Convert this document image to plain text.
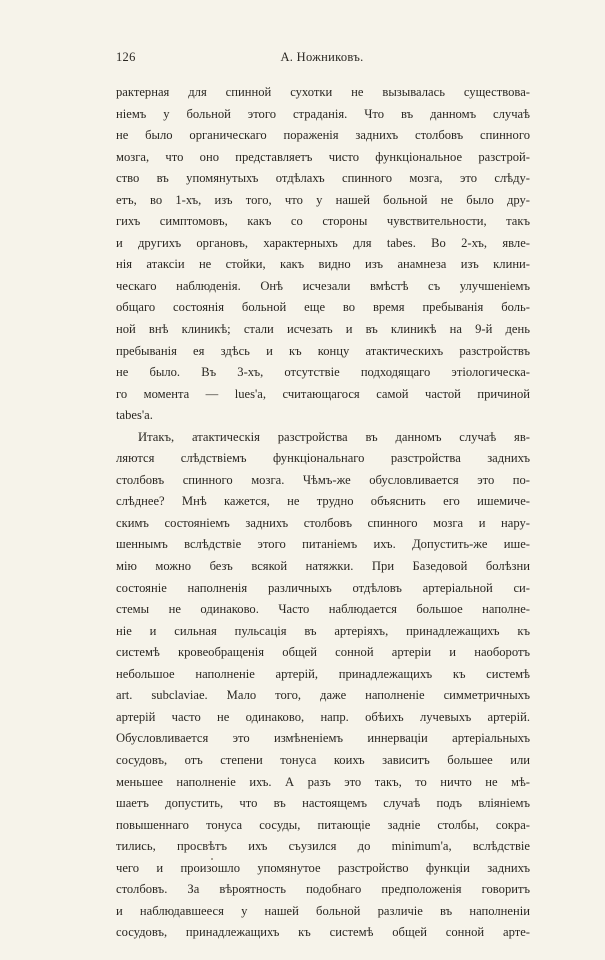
126	А. Ножниковъ.
рактерная для спинной сухотки не вызывалась существова-
ніемъ у больной этого страданія. Что въ данномъ случаѣ
не было органическаго пораженія заднихъ столбовъ спинного
мозга, что оно представляетъ чисто функціональное разстрой-
ство въ упомянутыхъ отдѣлахъ спинного мозга, это слѣду-
етъ, во 1-хъ, изъ того, что у нашей больной не было дру-
гихъ симптомовъ, какъ со стороны чувствительности, такъ
и другихъ органовъ, характерныхъ для tabes. Во 2-хъ, явле-
нія атаксіи не стойки, какъ видно изъ анамнеза изъ клини-
ческаго наблюденія. Онѣ исчезали вмѣстѣ съ улучшеніемъ
общаго состоянія больной еще во время пребыванія боль-
ной внѣ клиникѣ; стали исчезать и въ клиникѣ на 9-й день
пребыванія ея здѣсь и къ концу атактическихъ разстройствъ
не было. Въ 3-хъ, отсутствіе подходящаго этіологическа-
го момента — lues'а, считающагося самой частой причиной
tabes'а.
Итакъ, атактическія разстройства въ данномъ случаѣ яв-
ляются слѣдствіемъ функціональнаго разстройства заднихъ
столбовъ спинного мозга. Чѣмъ-же обусловливается это по-
слѣднее? Мнѣ кажется, не трудно объяснить его ишемиче-
скимъ состояніемъ заднихъ столбовъ спинного мозга и нару-
шеннымъ вслѣдствіе этого питаніемъ ихъ. Допустить-же ише-
мію можно безъ всякой натяжки. При Базедовой болѣзни
состояніе наполненія различныхъ отдѣловъ артеріальной си-
стемы не одинаково. Часто наблюдается большое наполне-
ніе и сильная пульсація въ артеріяхъ, принадлежащихъ къ
системѣ кровеобращенія общей сонной артеріи и наоборотъ
небольшое наполненіе артерій, принадлежащихъ къ системѣ
art. subclaviae. Мало того, даже наполненіе симметричныхъ
артерій часто не одинаково, напр. обѣихъ лучевыхъ артерій.
Обусловливается это измѣненіемъ иннерваціи артеріальныхъ
сосудовъ, отъ степени тонуса коихъ зависитъ большее или
меньшее наполненіе ихъ. А разъ это такъ, то ничто не мѣ-
шаетъ допустить, что въ настоящемъ случаѣ подъ вліяніемъ
повышеннаго тонуса сосуды, питающіе задніе столбы, сокра-
тились, просвѣтъ ихъ съузился до minimum'а, вслѣдствіе
чего и произошло упомянутое разстройство функціи заднихъ
столбовъ. За вѣроятность подобнаго предположенія говоритъ
и наблюдавшееся у нашей больной различіе въ наполненіи
сосудовъ, принадлежащихъ къ системѣ общей сонной арте-
